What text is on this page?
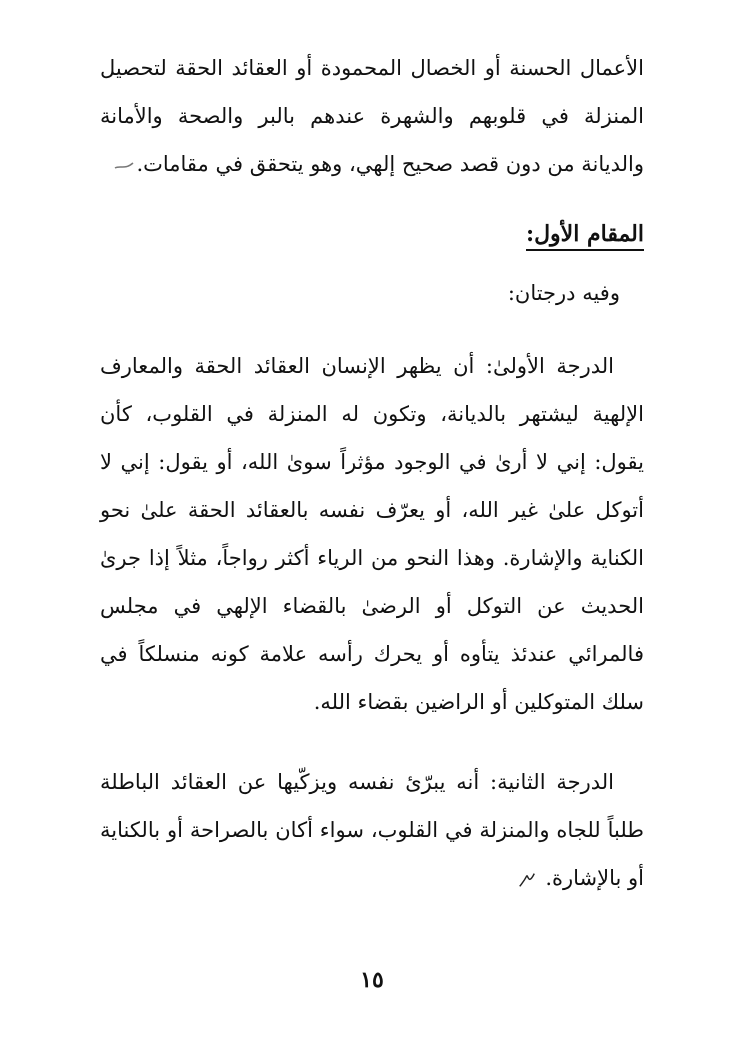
الأعمال الحسنة أو الخصال المحمودة أو العقائد الحقة لتحصيل المنزلة في قلوبهم والشهرة عندهم بالبر والصحة والأمانة والديانة من دون قصد صحيح إلهي، وهو يتحقق في مقامات.

المقام الأول:

وفيه درجتان:

الدرجة الأولىٰ: أن يظهر الإنسان العقائد الحقة والمعارف الإلهية ليشتهر بالديانة، وتكون له المنزلة في القلوب، كأن يقول: إني لا أرىٰ في الوجود مؤثراً سوىٰ الله، أو يقول: إني لا أتوكل علىٰ غير الله، أو يعرّف نفسه بالعقائد الحقة علىٰ نحو الكناية والإشارة. وهذا النحو من الرياء أكثر رواجاً، مثلاً إذا جرىٰ الحديث عن التوكل أو الرضىٰ بالقضاء الإلهي في مجلس فالمرائي عندئذ يتأوه أو يحرك رأسه علامة كونه منسلكاً في سلك المتوكلين أو الراضين بقضاء الله.

الدرجة الثانية: أنه يبرّئ نفسه ويزكّيها عن العقائد الباطلة طلباً للجاه والمنزلة في القلوب، سواء أكان بالصراحة أو بالكناية أو بالإشارة.

١٥
